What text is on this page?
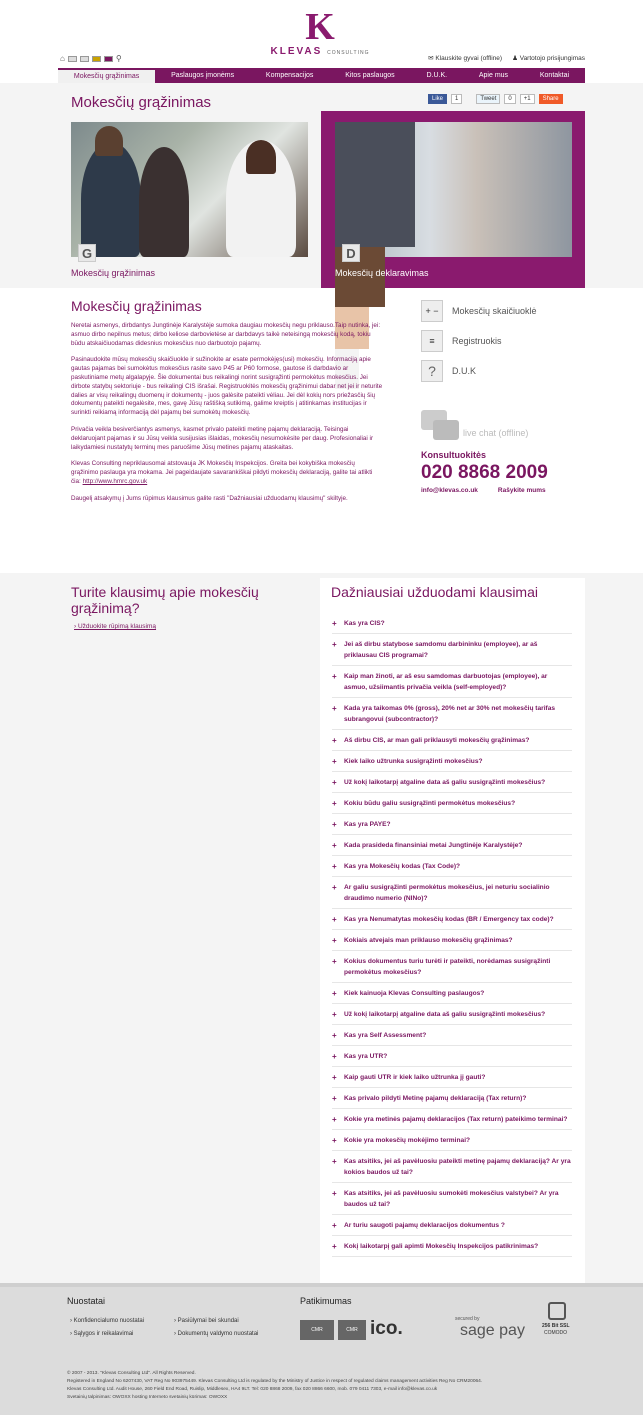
⌂	⚲
K
KLEVAS CONSULTING
✉ Klauskite gyvai (offline) ♟ Vartotojo prisijungimas
Mokesčių grąžinimas	Paslaugos įmonėms	Kompensacijos	Kitos paslaugos	D.U.K.	Apie mus	Kontaktai
Mokesčių grąžinimas	Like	1	Tweet	0	+1	Share
G	D
Mokesčių grąžinimas	Mokesčių deklaravimas
Mokesčių grąžinimas

Neretai asmenys, dirbdantys Jungtinėje Karalystėje sumoka daugiau mokesčių negu priklauso.Taip nutinka, jei: asmuo dirbo nepilnus metus; dirbo keliose darbovietėse ar darbdavys taikė neteisingą mokesčių kodą, tokiu būdu atskaičiuodamas didesnius mokesčius nuo darbuotojo pajamų.

Pasinaudokite mūsų mokesčių skaičiuokle ir sužinokite ar esate permokėjęs(usi) mokesčių. Informaciją apie gautas pajamas bei sumokėtus mokesčius rasite savo P45 ar P60 formose, gautose iš darbdavio ar paskutiniame metų algalapyje. Šie dokumentai bus reikalingi norint susigrąžinti permokėtus mokesčius. Jei dirbote statybų sektoriuje - bus reikalingi CIS išrašai. Registruokitės mokesčių grąžinimui dabar net jei ir neturite dalies ar visų reikalingų duomenų ir dokumentų - juos galėsite pateikti vėliau. Jei dėl kokių nors priežasčių šių dokumentų pateikti negalėsite, mes, gavę Jūsų raštišką sutikimą, galime kreiptis į atitinkamas institucijas ir surinkti reikiamą informaciją dėl pajamų bei sumokėtų mokesčių.

Privačia veikla besiverčiantys asmenys, kasmet privalo pateikti metinę pajamų deklaraciją. Teisingai deklaruojant pajamas ir su Jūsų veikla susijusias išlaidas, mokesčių nesumokėsite per daug. Profesionaliai ir laikydamiesi nustatytų terminų mes paruošime Jūsų metines pajamų ataskaitas.

Klevas Consulting nepriklausomai atstovauja JK Mokesčių Inspekcijos. Greita bei kokybiška mokesčių grąžinimo paslauga yra mokama. Jei pageidaujate savarankiškai pildyti mokesčių deklaraciją, galite tai atlikti čia: http://www.hmrc.gov.uk

Daugelį atsakymų į Jums rūpimus klausimus galite rasti "Dažniausiai užduodamų klausimų" skiltyje.

+ −	Mokesčių skaičiuoklė
≡	Registruokis
?	D.U.K
live chat (offline)
Konsultuokitės
020 8868 2009
info@klevas.co.uk	Rašykite mums
Turite klausimų apie mokesčių grąžinimą?
› Užduokite rūpimą klausimą
Dažniausiai užduodami klausimai
+	Kas yra CIS?
+	Jei aš dirbu statybose samdomu darbininku (employee), ar aš priklausau CIS programai?
+	Kaip man žinoti, ar aš esu samdomas darbuotojas (employee), ar asmuo, užsiimantis privačia veikla (self-employed)?
+	Kada yra taikomas 0% (gross), 20% net ar 30% net mokesčių tarifas subrangovui (subcontractor)?
+	Aš dirbu CIS, ar man gali priklausyti mokesčių grąžinimas?
+	Kiek laiko užtrunka susigrąžinti mokesčius?
+	Už kokį laikotarpį atgaline data aš galiu susigrąžinti mokesčius?
+	Kokiu būdu galiu susigrąžinti permokėtus mokesčius?
+	Kas yra PAYE?
+	Kada prasideda finansiniai metai Jungtinėje Karalystėje?
+	Kas yra Mokesčių kodas (Tax Code)?
+	Ar galiu susigrąžinti permokėtus mokesčius, jei neturiu socialinio draudimo numerio (NINo)?
+	Kas yra Nenumatytas mokesčių kodas (BR / Emergency tax code)?
+	Kokiais atvejais man priklauso mokesčių grąžinimas?
+	Kokius dokumentus turiu turėti ir pateikti, norėdamas susigrąžinti permokėtus mokesčius?
+	Kiek kainuoja Klevas Consulting paslaugos?
+	Už kokį laikotarpį atgaline data aš galiu susigrąžinti mokesčius?
+	Kas yra Self Assessment?
+	Kas yra UTR?
+	Kaip gauti UTR ir kiek laiko užtrunka jį gauti?
+	Kas privalo pildyti Metinę pajamų deklaraciją (Tax return)?
+	Kokie yra metinės pajamų deklaracijos (Tax return) pateikimo terminai?
+	Kokie yra mokesčių mokėjimo terminai?
+	Kas atsitiks, jei aš pavėluosiu pateikti metinę pajamų deklaraciją? Ar yra kokios baudos už tai?
+	Kas atsitiks, jei aš pavėluosiu sumokėti mokesčius valstybei? Ar yra baudos už tai?
+	Ar turiu saugoti pajamų deklaracijos dokumentus ?
+	Kokį laikotarpį gali apimti Mokesčių Inspekcijos patikrinimas?
Nuostatai
› Konfidencialumo nuostatai	› Pasiūlymai bei skundai
› Sąlygos ir reikalavimai	› Dokumentų valdymo nuostatai
Patikimumas
CMR	CMR ico.	secured by
sage pay	256 Bit SSL
COMODO
© 2007 - 2013. "Klevas Consulting Ltd". All Rights Reserved.
Registered in England No 6207430, VAT Reg No 903975449. Klevas Consulting Ltd is regulated by the Ministry of Justice in respect of regulated claims management activities Reg No CRM20064.
Klevas Consulting Ltd. Audit House, 260 Field End Road, Ruislip, Middlesex, HA4 9LT. Tel: 020 8868 2009, fax 020 8866 6600, mob. 079 0411 7303, e-mail info@klevas.co.uk
Svetainių talpinimas: OWOXX hosting Interneto svetainių kūrimas: OWOXX
